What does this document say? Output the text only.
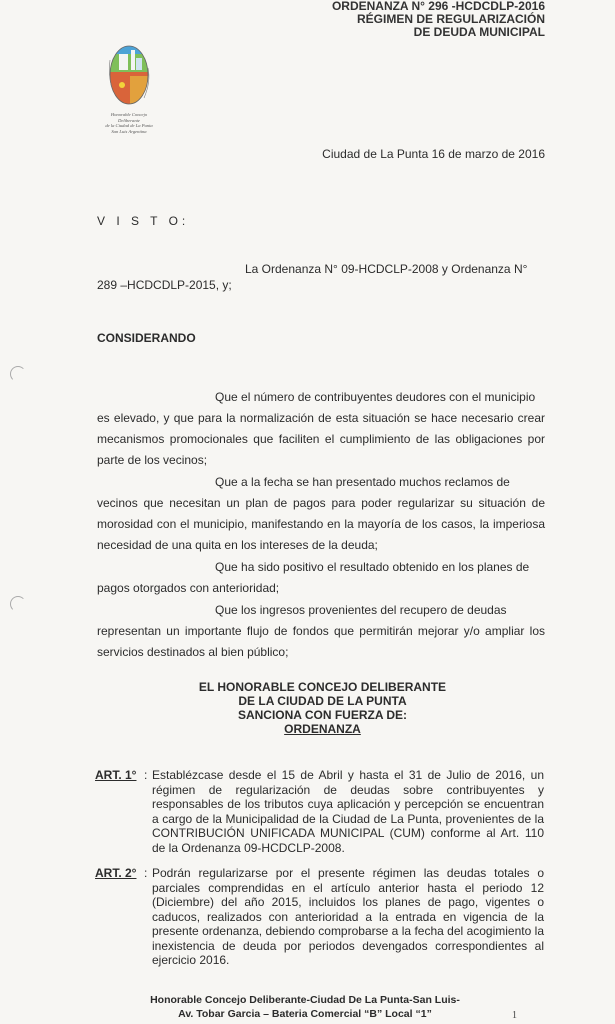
ORDENANZA N° 296 -HCDCDLP-2016
RÉGIMEN DE REGULARIZACIÓN
DE DEUDA MUNICIPAL
Honorable Concejo Deliberante
de la Ciudad de La Punta
San Luis Argentina
Ciudad de La Punta 16 de marzo de 2016
V I S T O:
La Ordenanza N° 09-HCDCLP-2008 y Ordenanza N°
289 –HCDCDLP-2015, y;
CONSIDERANDO
Que el número de contribuyentes deudores con el municipio
es elevado, y que para la normalización de esta situación se hace necesario crear mecanismos promocionales que faciliten el cumplimiento de las obligaciones por parte de los vecinos;
Que a la fecha se han presentado muchos reclamos de
vecinos que necesitan un plan de pagos para poder regularizar su situación de morosidad con el municipio, manifestando en la mayoría de los casos, la imperiosa necesidad de una quita en los intereses de la deuda;
Que ha sido positivo el resultado obtenido en los planes de
pagos otorgados con anterioridad;
Que los ingresos provenientes del recupero de deudas
representan un importante flujo de fondos que permitirán mejorar y/o ampliar los servicios destinados al bien público;
EL HONORABLE CONCEJO DELIBERANTE
DE LA CIUDAD DE LA PUNTA
SANCIONA CON FUERZA DE:
ORDENANZA
ART. 1° : Establézcase desde el 15 de Abril y hasta el 31 de Julio de 2016, un régimen de regularización de deudas sobre contribuyentes y responsables de los tributos cuya aplicación y percepción se encuentran a cargo de la Municipalidad de la Ciudad de La Punta, provenientes de la CONTRIBUCIÓN UNIFICADA MUNICIPAL (CUM) conforme al Art. 110 de la Ordenanza 09-HCDCLP-2008.
ART. 2° : Podrán regularizarse por el presente régimen las deudas totales o parciales comprendidas en el artículo anterior hasta el periodo 12 (Diciembre) del año 2015, incluidos los planes de pago, vigentes o caducos, realizados con anterioridad a la entrada en vigencia de la presente ordenanza, debiendo comprobarse a la fecha del acogimiento la inexistencia de deuda por periodos devengados correspondientes al ejercicio 2016.
Honorable Concejo Deliberante-Ciudad De La Punta-San Luis-
Av. Tobar Garcia – Bateria Comercial “B” Local “1”	1
